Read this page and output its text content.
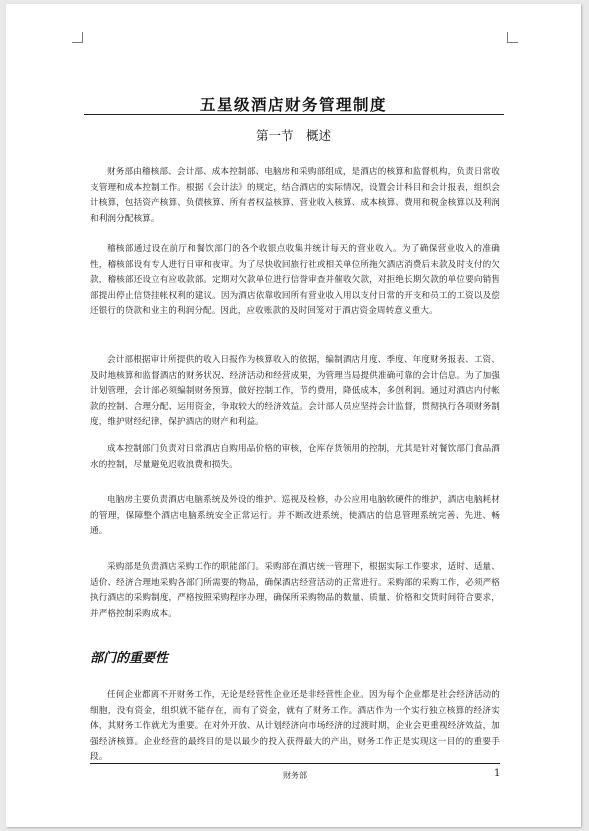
五星级酒店财务管理制度
第一节　概述

财务部由稽核部、会计部、成本控制部、电脑房和采购部组成，是酒店的核算和监督机构，负责日常收支管理和成本控制工作。根据《会计法》的规定，结合酒店的实际情况，设置会计科目和会计报表，组织会计核算，包括资产核算、负债核算、所有者权益核算、营业收入核算、成本核算、费用和税金核算以及利润和利润分配核算。

稽核部通过设在前厅和餐饮部门的各个收银点收集并统计每天的营业收入。为了确保营业收入的准确性，稽核部设有专人进行日审和夜审。为了尽快收回旅行社或相关单位所拖欠酒店消费后未款及时支付的欠款，稽核部还设立有应收款部。定期对欠款单位进行信誉审查并催收欠款，对拒绝长期欠款的单位要向销售部提出停止信贷挂帐权利的建议。因为酒店依靠收回所有营业收入用以支付日常的开支和员工的工资以及偿还银行的贷款和业主的利润分配。因此，应收账款的及时回笼对于酒店资金周转意义重大。

会计部根据审计所提供的收入日报作为核算收入的依据，编制酒店月度、季度、年度财务报表、工资、及时地核算和监督酒店的财务状况、经济活动和经营成果，为管理当局提供准确可靠的会计信息。为了加强计划管理，会计部必须编制财务预算，做好控制工作，节约费用，降低成本，多创利润。通过对酒店内付帐款的控制、合理分配、运用资金，争取较大的经济效益。会计部人员应坚持会计监督，贯彻执行各项财务制度，维护财经纪律，保护酒店的财产和利益。

成本控制部门负责对日常酒店自购用品价格的审核，仓库存货领用的控制，尤其是针对餐饮部门食品酒水的控制，尽量避免迟收浪费和损失。

电脑房主要负责酒店电脑系统及外设的维护、巡视及检修，办公应用电脑软硬件的维护，酒店电脑耗材的管理，保障整个酒店电脑系统安全正常运行。并不断改进系统，使酒店的信息管理系统完善、先进、畅通。

采购部是负责酒店采购工作的职能部门。采购部在酒店统一管理下，根据实际工作要求，适时、适量、适价、经济合理地采购各部门所需要的物品，确保酒店经营活动的正常进行。采购部的采购工作，必须严格执行酒店的采购制度，严格按照采购程序办理，确保所采购物品的数量、质量、价格和交货时间符合要求，并严格控制采购成本。

部门的重要性

任何企业都离不开财务工作，无论是经营性企业还是非经营性企业。因为每个企业都是社会经济活动的细胞，没有资金，组织就不能存在，而有了资金，就有了财务工作。酒店作为一个实行独立核算的经济实体，其财务工作就尤为重要。在对外开放、从计划经济向市场经济的过渡时期，企业会更重视经济效益，加强经济核算。企业经营的最终目的是以最少的投入获得最大的产出，财务工作正是实现这一目的的重要手段。

财务部	1
